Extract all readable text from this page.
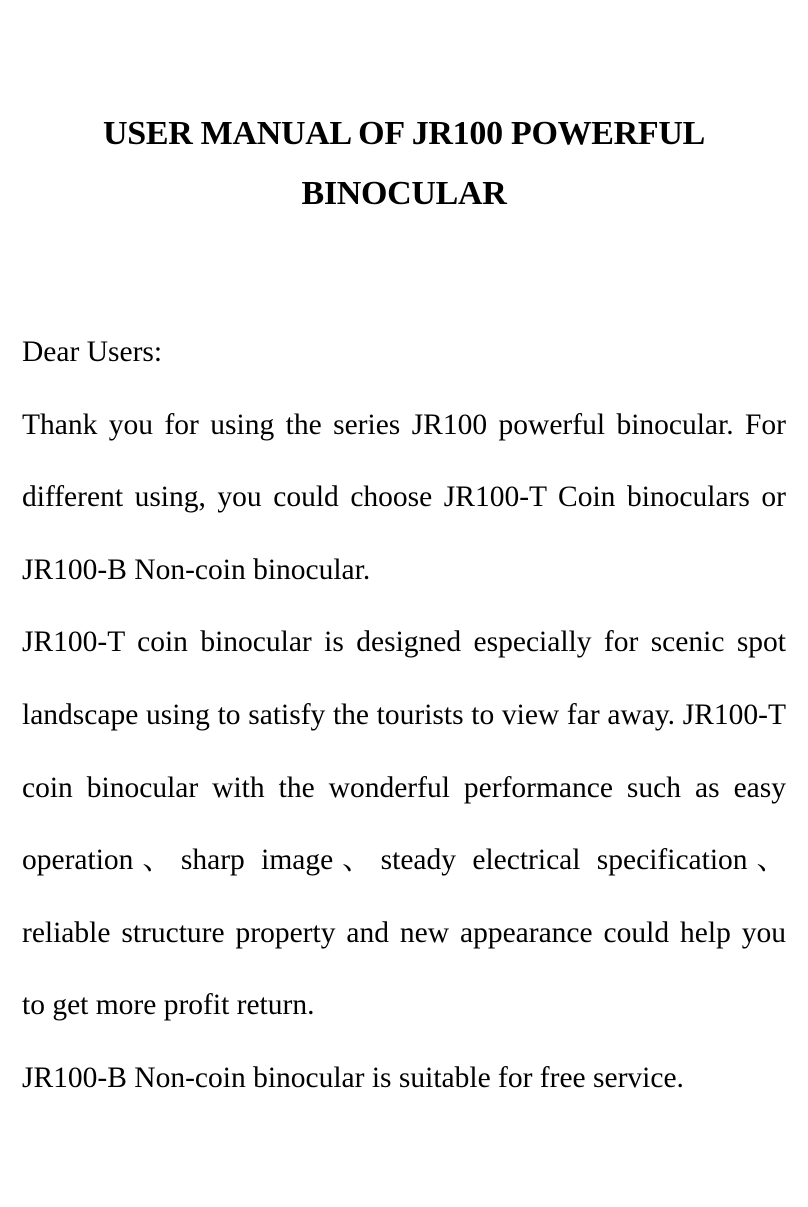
USER MANUAL OF JR100 POWERFUL
BINOCULAR

Dear Users:

Thank you for using the series JR100 powerful binocular. For different using, you could choose JR100-T Coin binoculars or JR100-B Non-coin binocular.

JR100-T coin binocular is designed especially for scenic spot landscape using to satisfy the tourists to view far away. JR100-T coin binocular with the wonderful performance such as easy operation、sharp image、steady electrical specification、 reliable structure property and new appearance could help you to get more profit return.

JR100-B Non-coin binocular is suitable for free service.
